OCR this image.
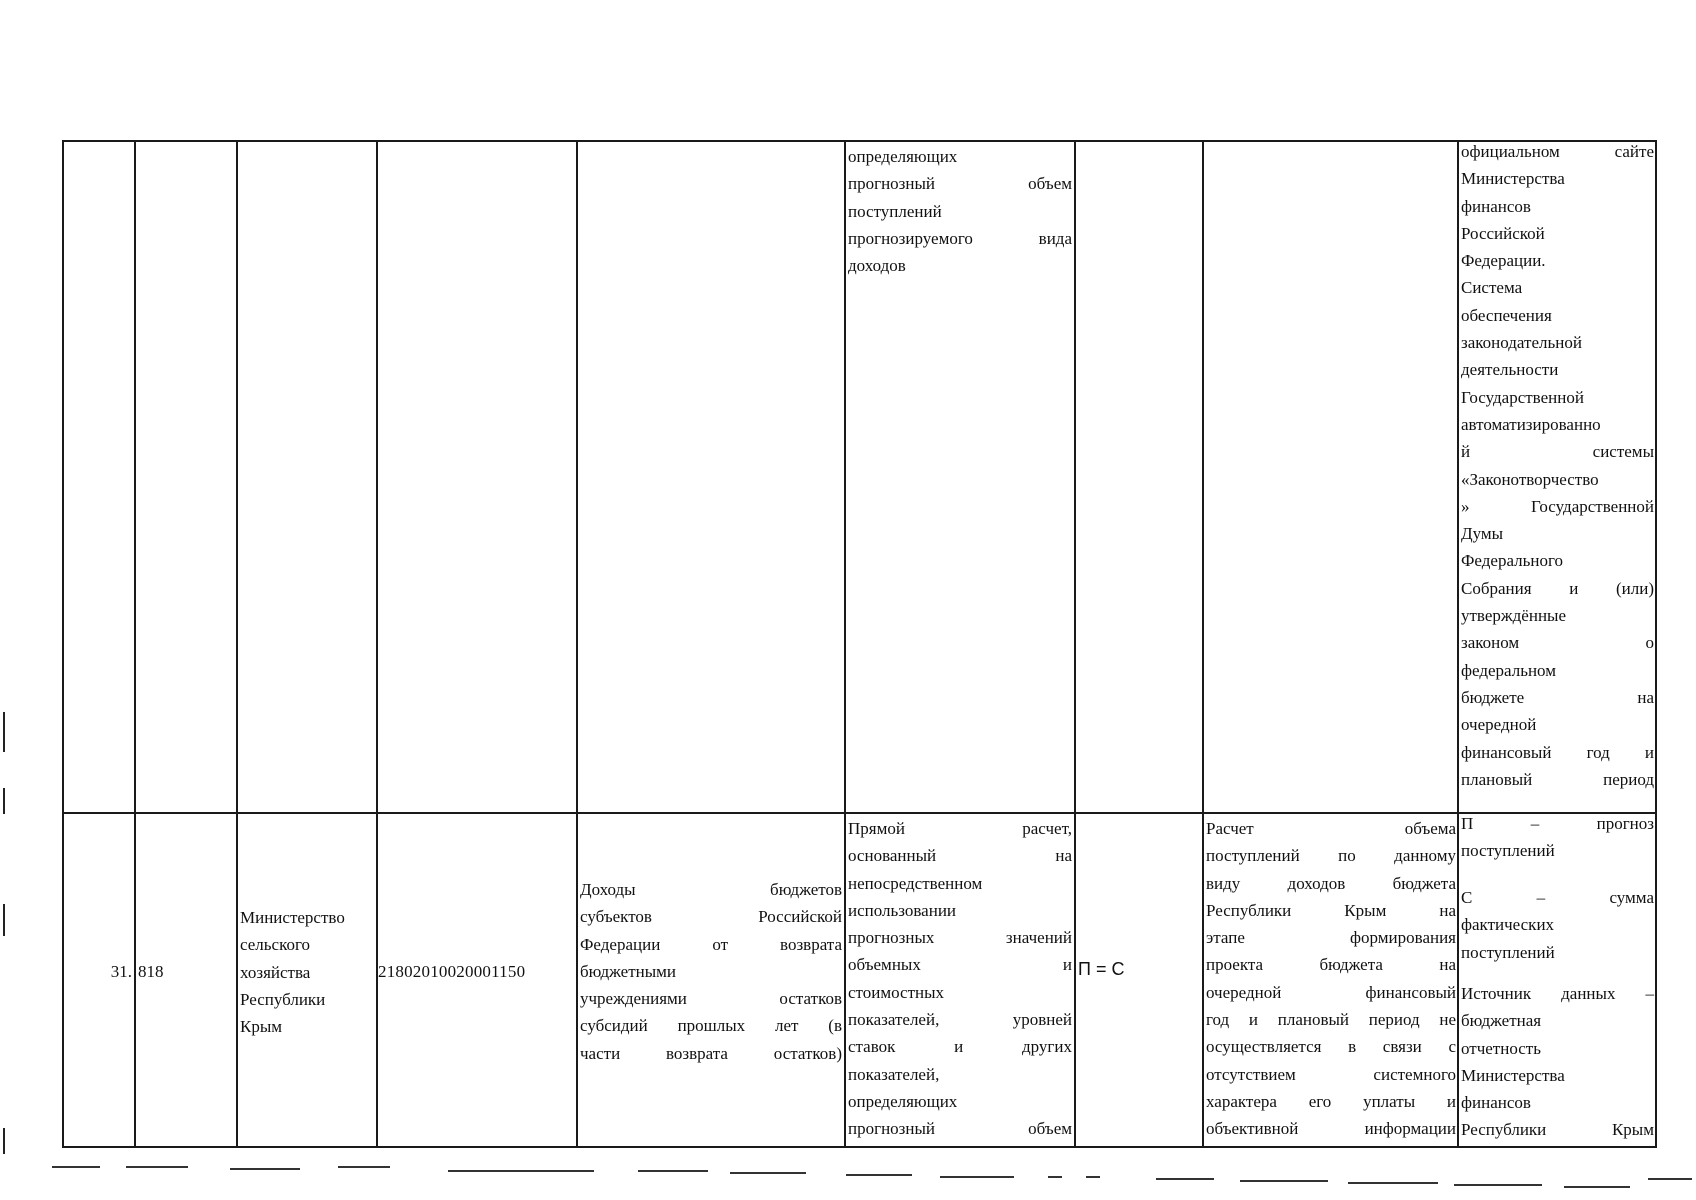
определяющих
прогнозный объем
поступлений
прогнозируемого вида
доходов
официальном сайте
Министерства
финансов
Российской
Федерации.
Система
обеспечения
законодательной
деятельности
Государственной
автоматизированно
й системы
«Законотворчество
» Государственной
Думы
Федерального
Собрания и (или)
утверждённые
законом о
федеральном
бюджете на
очередной
финансовый год и
плановый период
31. 818
Министерство
сельского
хозяйства
Республики
Крым
21802010020001150
Доходы бюджетов
субъектов Российской
Федерации от возврата
бюджетными
учреждениями остатков
субсидий прошлых лет (в
части возврата остатков)
Прямой расчет,
основанный на
непосредственном
использовании
прогнозных значений
объемных и
стоимостных
показателей, уровней
ставок и других
показателей,
определяющих
прогнозный объем
П = С
Расчет объема
поступлений по данному
виду доходов бюджета
Республики Крым на
этапе формирования
проекта бюджета на
очередной финансовый
год и плановый период не
осуществляется в связи с
отсутствием системного
характера его уплаты и
объективной информации
П – прогноз
поступлений
С – сумма
фактических
поступлений
Источник данных –
бюджетная
отчетность
Министерства
финансов
Республики Крым
